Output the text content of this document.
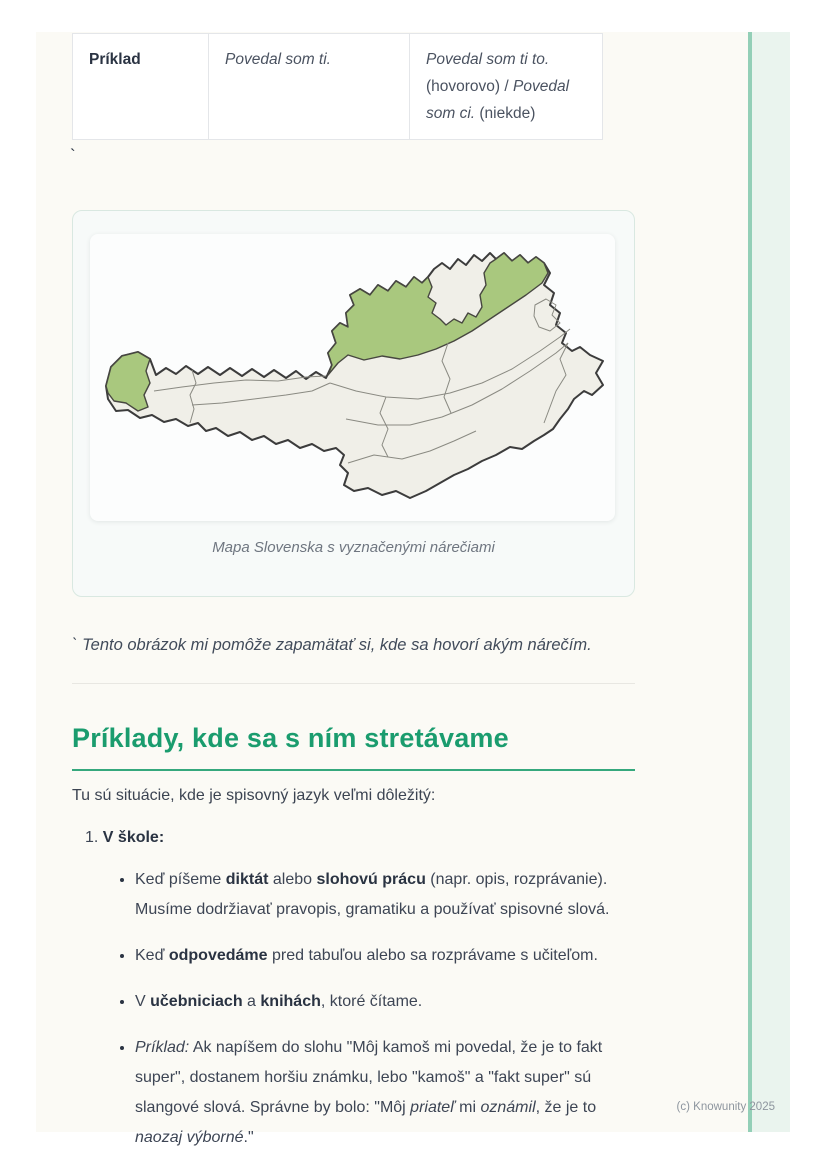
Príklad	Povedal som ti.	Povedal som ti to. (hovorovo) / Povedal som ci. (niekde)
`
Mapa Slovenska s vyznačenými nárečiami
` Tento obrázok mi pomôže zapamätať si, kde sa hovorí akým nárečím.
Príklady, kde sa s ním stretávame
Tu sú situácie, kde je spisovný jazyk veľmi dôležitý:
1. V škole:
• Keď píšeme diktát alebo slohovú prácu (napr. opis, rozprávanie). Musíme dodržiavať pravopis, gramatiku a používať spisovné slová.
• Keď odpovedáme pred tabuľou alebo sa rozprávame s učiteľom.
• V učebniciach a knihách, ktoré čítame.
• Príklad: Ak napíšem do slohu "Môj kamoš mi povedal, že je to fakt super", dostanem horšiu známku, lebo "kamoš" a "fakt super" sú slangové slová. Správne by bolo: "Môj priateľ mi oznámil, že je to naozaj výborné."
(c) Knowunity 2025
